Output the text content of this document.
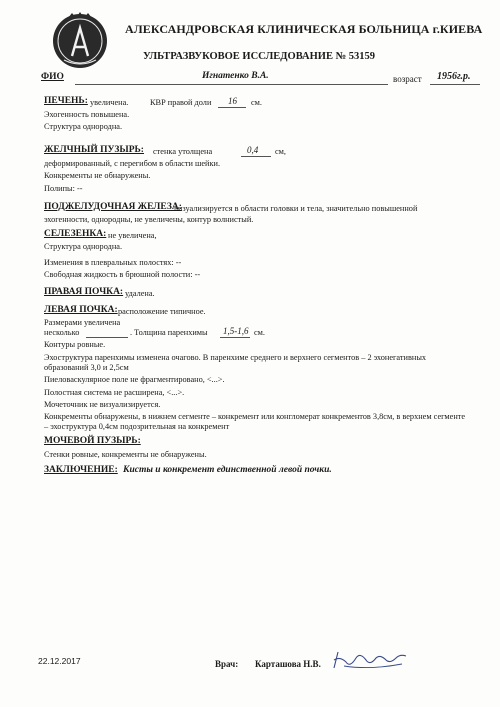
АЛЕКСАНДРОВСКАЯ КЛИНИЧЕСКАЯ БОЛЬНИЦА г.КИЕВА
УЛЬТРАЗВУКОВОЕ ИССЛЕДОВАНИЕ № 53159
ФИО	Игнатенко В.А.	возраст 1956г.р.
ПЕЧЕНЬ: увеличена.	КВР правой доли 16 см.
Эхогенность повышена.
Структура однородна.
ЖЕЛЧНЫЙ ПУЗЫРЬ: стенка утолщена	0,4 см,
деформированный, с перегибом в области шейки.
Конкременты не обнаружены.
Полипы: --
ПОДЖЕЛУДОЧНАЯ ЖЕЛЕЗА:
визуализируется в области головки и тела, значительно повышенной
эхогенности, однородны, не увеличены, контур волнистый.
СЕЛЕЗЕНКА: не увеличена,
Структура однородна.
Изменения в плевральных полостях: --
Свободная жидкость в брюшной полости: --
ПРАВАЯ ПОЧКА: удалена.
ЛЕВАЯ ПОЧКА: расположение типичное.
Размерами увеличена
несколько	. Толщина паренхимы 1,5-1,6 см.
Контуры ровные.
Эхоструктура паренхимы изменена очагово. В паренхиме среднего и верхнего сегментов – 2 эхонегативных
образований 3,0 и 2,5см
Пиеловаскулярное поле не фрагментировано, <...>.
Полостная система не расширена, <...>.
Мочеточник не визуализируется.
Конкременты обнаружены, в нижнем сегменте – конкремент или конгломерат конкрементов 3,8см, в верхнем сегменте
– эхоструктура 0,4см подозрительная на конкремент
МОЧЕВОЙ ПУЗЫРЬ:
Стенки ровные, конкременты не обнаружены.
ЗАКЛЮЧЕНИЕ: Кисты и конкремент единственной левой почки.
22.12.2017	Врач: Карташова Н.В.
